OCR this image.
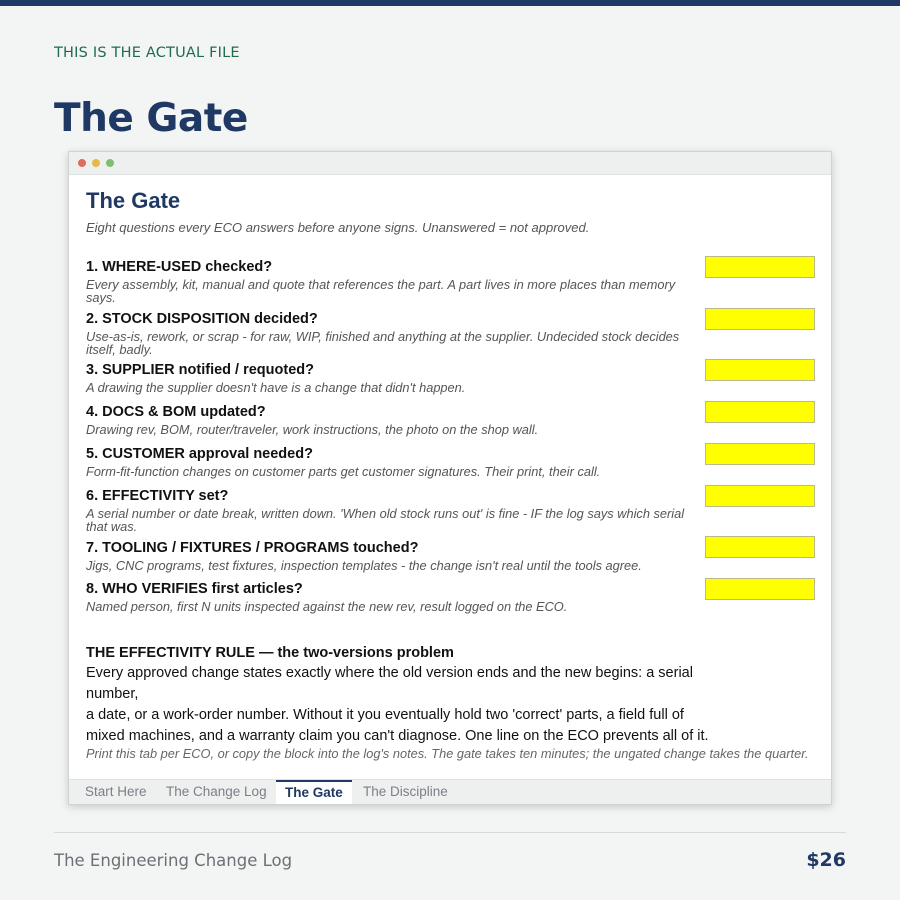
THIS IS THE ACTUAL FILE
The Gate
The Gate
Eight questions every ECO answers before anyone signs. Unanswered = not approved.
1. WHERE-USED checked?
Every assembly, kit, manual and quote that references the part. A part lives in more places than memory says.
2. STOCK DISPOSITION decided?
Use-as-is, rework, or scrap - for raw, WIP, finished and anything at the supplier. Undecided stock decides itself, badly.
3. SUPPLIER notified / requoted?
A drawing the supplier doesn't have is a change that didn't happen.
4. DOCS & BOM updated?
Drawing rev, BOM, router/traveler, work instructions, the photo on the shop wall.
5. CUSTOMER approval needed?
Form-fit-function changes on customer parts get customer signatures. Their print, their call.
6. EFFECTIVITY set?
A serial number or date break, written down. 'When old stock runs out' is fine - IF the log says which serial that was.
7. TOOLING / FIXTURES / PROGRAMS touched?
Jigs, CNC programs, test fixtures, inspection templates - the change isn't real until the tools agree.
8. WHO VERIFIES first articles?
Named person, first N units inspected against the new rev, result logged on the ECO.
THE EFFECTIVITY RULE — the two-versions problem
Every approved change states exactly where the old version ends and the new begins: a serial number,
a date, or a work-order number. Without it you eventually hold two 'correct' parts, a field full of
mixed machines, and a warranty claim you can't diagnose. One line on the ECO prevents all of it.
Print this tab per ECO, or copy the block into the log's notes. The gate takes ten minutes; the ungated change takes the quarter.
Start Here	The Change Log	The Gate	The Discipline
The Engineering Change Log	$26
